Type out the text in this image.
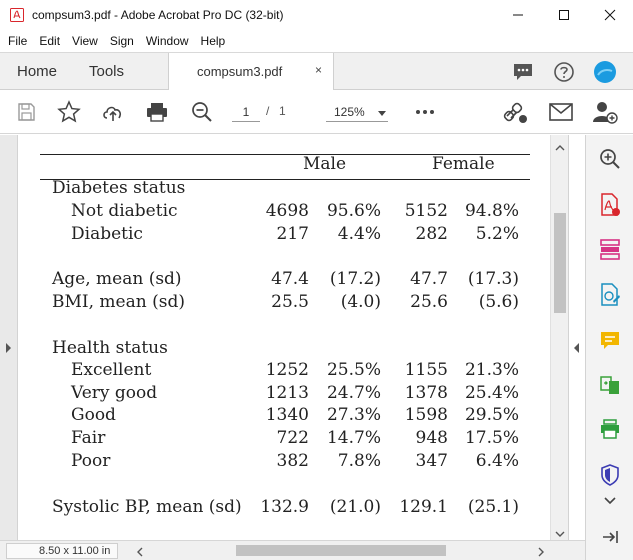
compsum3.pdf - Adobe Acrobat Pro DC (32-bit)
File	Edit	View	Sign	Window	Help
Home Tools	compsum3.pdf	×
1	/ 1	125%
Male	Female
Diabetes status
Not diabetic	4698 95.6% 5152 94.8%
Diabetic	217 4.4% 282 5.2%
Age, mean (sd)	47.4 (17.2) 47.7 (17.3)
BMI, mean (sd)	25.5 (4.0) 25.6 (5.6)
Health status
Excellent	1252 25.5% 1155 21.3%
Very good	1213 24.7% 1378 25.4%
Good	1340 27.3% 1598 29.5%
Fair	722 14.7% 948 17.5%
Poor	382 7.8% 347 6.4%
Systolic BP, mean (sd) 132.9 (21.0) 129.1 (25.1)
8.50 x 11.00 in
